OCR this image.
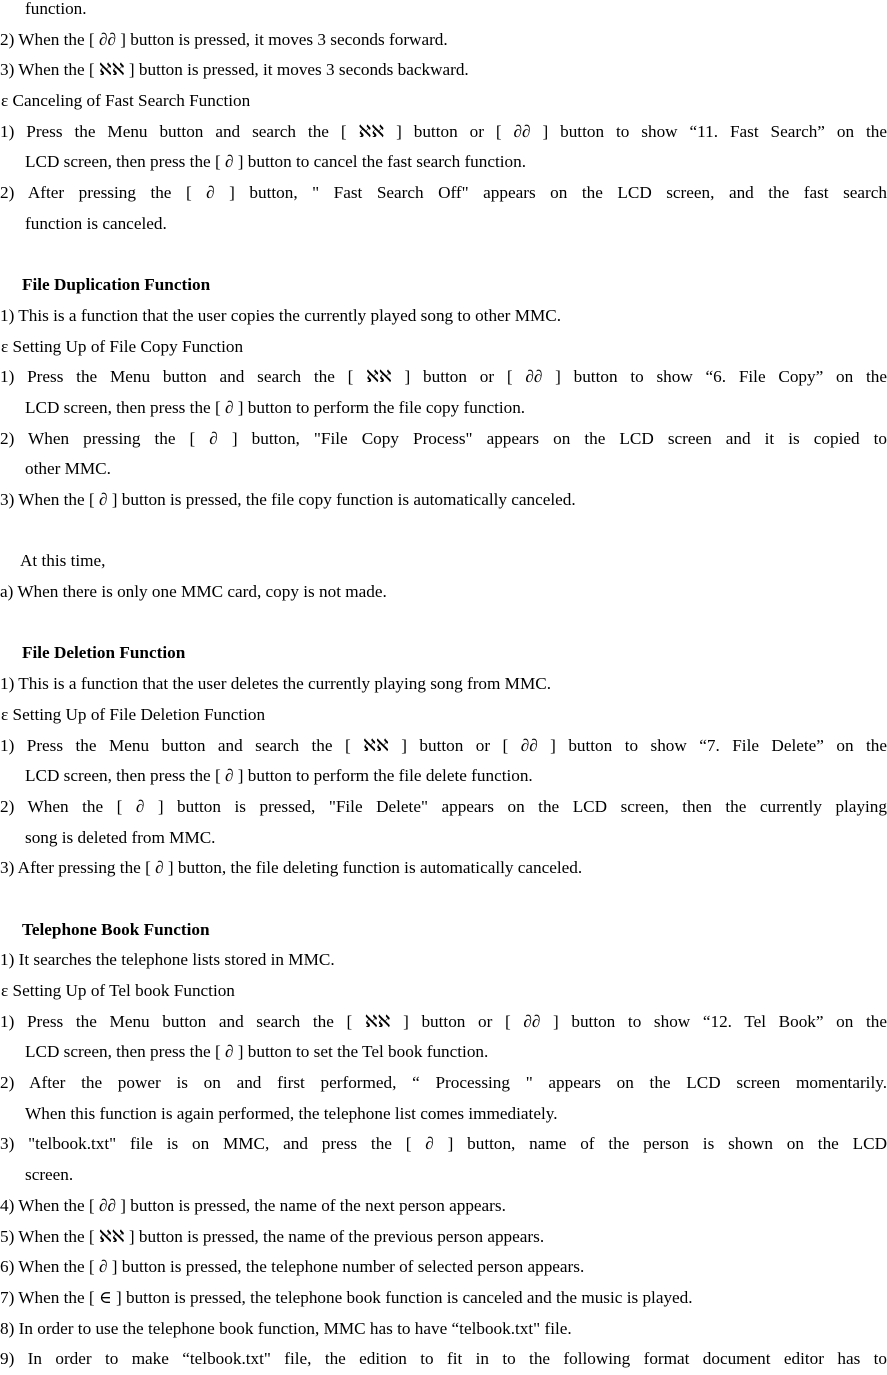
function.
2) When the [ ∂∂ ] button is pressed, it moves 3 seconds forward.
3) When the [ ℵℵ ] button is pressed, it moves 3 seconds backward.
ε Canceling of Fast Search Function
1) Press the Menu button and search the [ ℵℵ ] button or [ ∂∂ ] button to show “11. Fast Search” on the
LCD screen, then press the [ ∂ ] button to cancel the fast search function.
2) After pressing the [ ∂ ] button, " Fast Search Off" appears on the LCD screen, and the fast search
function is canceled.
File Duplication Function
1) This is a function that the user copies the currently played song to other MMC.
ε Setting Up of File Copy Function
1) Press the Menu button and search the [ ℵℵ ] button or [ ∂∂ ] button to show “6. File Copy” on the
LCD screen, then press the [ ∂ ] button to perform the file copy function.
2) When pressing the [ ∂ ] button, "File Copy Process" appears on the LCD screen and it is copied to
other MMC.
3) When the [ ∂ ] button is pressed, the file copy function is automatically canceled.
At this time,
a) When there is only one MMC card, copy is not made.
File Deletion Function
1) This is a function that the user deletes the currently playing song from MMC.
ε Setting Up of File Deletion Function
1) Press the Menu button and search the [ ℵℵ ] button or [ ∂∂ ] button to show “7. File Delete” on the
LCD screen, then press the [ ∂ ] button to perform the file delete function.
2) When the [ ∂ ] button is pressed, "File Delete" appears on the LCD screen, then the currently playing
song is deleted from MMC.
3) After pressing the [ ∂ ] button, the file deleting function is automatically canceled.
Telephone Book Function
1) It searches the telephone lists stored in MMC.
ε Setting Up of Tel book Function
1) Press the Menu button and search the [ ℵℵ ] button or [ ∂∂ ] button to show “12. Tel Book” on the
LCD screen, then press the [ ∂ ] button to set the Tel book function.
2) After the power is on and first performed, “ Processing " appears on the LCD screen momentarily.
When this function is again performed, the telephone list comes immediately.
3) "telbook.txt" file is on MMC, and press the [ ∂ ] button, name of the person is shown on the LCD
screen.
4) When the [ ∂∂ ] button is pressed, the name of the next person appears.
5) When the [ ℵℵ ] button is pressed, the name of the previous person appears.
6) When the [ ∂ ] button is pressed, the telephone number of selected person appears.
7) When the [ ∈ ] button is pressed, the telephone book function is canceled and the music is played.
8) In order to use the telephone book function, MMC has to have “telbook.txt" file.
9) In order to make “telbook.txt" file, the edition to fit in to the following format document editor has to
